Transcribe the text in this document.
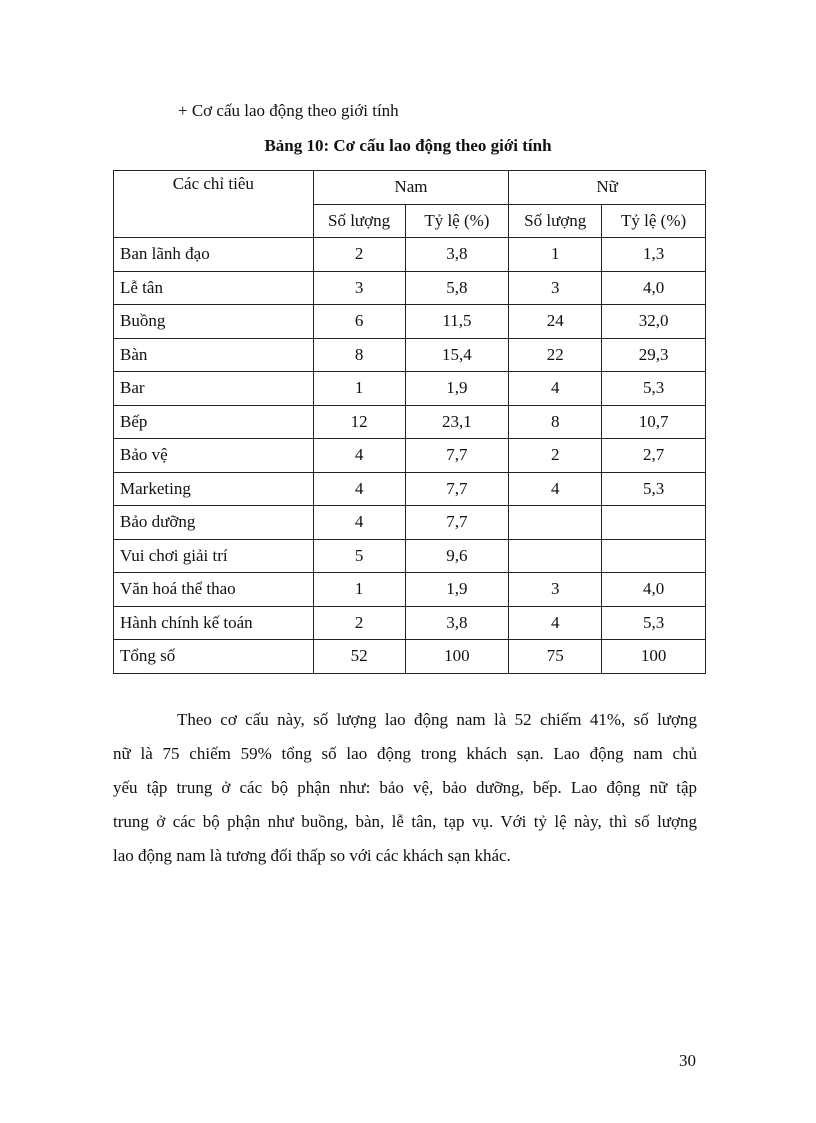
+ Cơ cấu lao động theo giới tính
Bảng 10: Cơ cấu lao động theo giới tính
Các chỉ tiêu	Nam		Nữ	
	Số lượng	Tỷ lệ (%)	Số lượng	Tỷ lệ (%)
Ban lãnh đạo	2	3,8	1	1,3
Lễ tân	3	5,8	3	4,0
Buồng	6	11,5	24	32,0
Bàn	8	15,4	22	29,3
Bar	1	1,9	4	5,3
Bếp	12	23,1	8	10,7
Bảo vệ	4	7,7	2	2,7
Marketing	4	7,7	4	5,3
Bảo dưỡng	4	7,7		
Vui chơi giải trí	5	9,6		
Văn hoá thể thao	1	1,9	3	4,0
Hành chính kế toán	2	3,8	4	5,3
Tổng số	52	100	75	100
Theo cơ cấu này, số lượng lao động nam là 52 chiếm 41%, số lượng
nữ là 75 chiếm 59% tổng số lao động trong khách sạn. Lao động nam chủ
yếu tập trung ở các bộ phận như: bảo vệ, bảo dưỡng, bếp. Lao động nữ tập
trung ở các bộ phận như buồng, bàn, lễ tân, tạp vụ. Với tỷ lệ này, thì số lượng
lao động nam là tương đối thấp so với các khách sạn khác.
30
